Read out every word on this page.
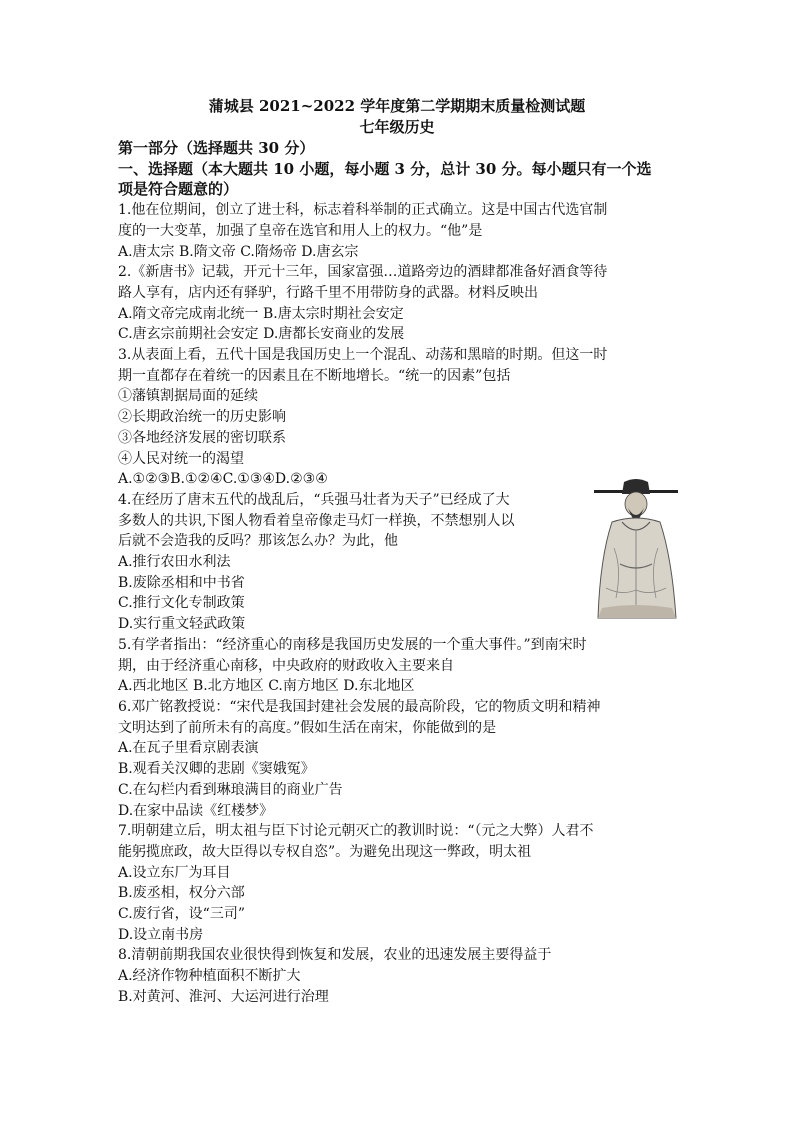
蒲城县 2021~2022 学年度第二学期期末质量检测试题
七年级历史
第一部分（选择题共 30 分）
一、选择题（本大题共 10 小题，每小题 3 分，总计 30 分。每小题只有一个选
项是符合题意的）
1.他在位期间，创立了进士科，标志着科举制的正式确立。这是中国古代选官制
度的一大变革，加强了皇帝在选官和用人上的权力。“他”是
A.唐太宗 B.隋文帝 C.隋炀帝 D.唐玄宗
2.《新唐书》记载，开元十三年，国家富强…道路旁边的酒肆都准备好酒食等待
路人享有，店内还有驿驴，行路千里不用带防身的武器。材料反映出
A.隋文帝完成南北统一 B.唐太宗时期社会安定
C.唐玄宗前期社会安定 D.唐都长安商业的发展
3.从表面上看，五代十国是我国历史上一个混乱、动荡和黑暗的时期。但这一时
期一直都存在着统一的因素且在不断地增长。“统一的因素”包括
①藩镇割据局面的延续
②长期政治统一的历史影响
③各地经济发展的密切联系
④人民对统一的渴望
A.①②③B.①②④C.①③④D.②③④
4.在经历了唐末五代的战乱后，“兵强马壮者为天子”已经成了大
多数人的共识,下图人物看着皇帝像走马灯一样换，不禁想别人以
后就不会造我的反吗？那该怎么办？为此，他
A.推行农田水利法
B.废除丞相和中书省
C.推行文化专制政策
D.实行重文轻武政策
5.有学者指出：“经济重心的南移是我国历史发展的一个重大事件。”到南宋时
期，由于经济重心南移，中央政府的财政收入主要来自
A.西北地区 B.北方地区 C.南方地区 D.东北地区
6.邓广铭教授说：“宋代是我国封建社会发展的最高阶段，它的物质文明和精神
文明达到了前所未有的高度。”假如生活在南宋，你能做到的是
A.在瓦子里看京剧表演
B.观看关汉卿的悲剧《窦娥冤》
C.在勾栏内看到琳琅满目的商业广告
D.在家中品读《红楼梦》
7.明朝建立后，明太祖与臣下讨论元朝灭亡的教训时说：“（元之大弊）人君不
能躬揽庶政，故大臣得以专权自恣”。为避免出现这一弊政，明太祖
A.设立东厂为耳目
B.废丞相，权分六部
C.废行省，设“三司”
D.设立南书房
8.清朝前期我国农业很快得到恢复和发展，农业的迅速发展主要得益于
A.经济作物种植面积不断扩大
B.对黄河、淮河、大运河进行治理
